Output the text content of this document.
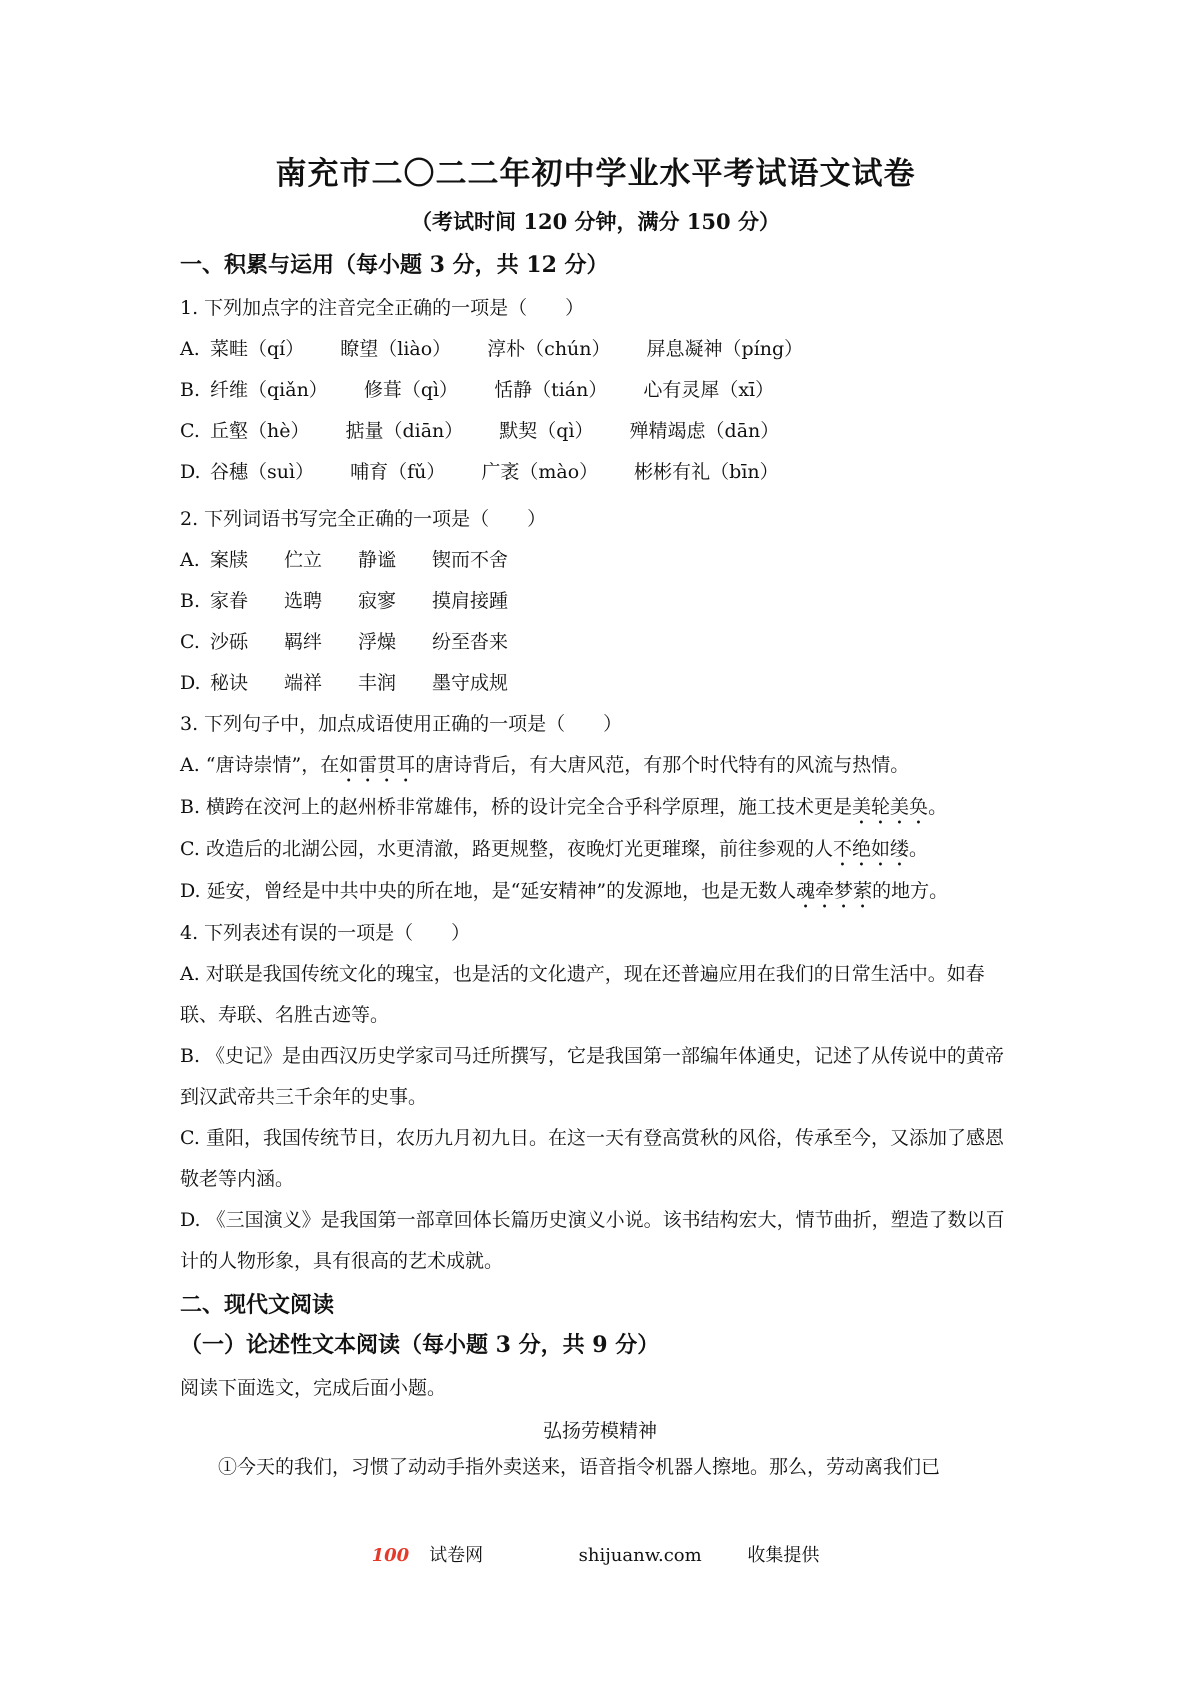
南充市二〇二二年初中学业水平考试语文试卷
（考试时间 120 分钟，满分 150 分）
一、积累与运用（每小题 3 分，共 12 分）
1. 下列加点字的注音完全正确的一项是（　　）
A. 菜畦（qí） 瞭望（liào） 淳朴（chún） 屏息凝神（píng）
B. 纤维（qiǎn） 修葺（qì） 恬静（tián） 心有灵犀（xī）
C. 丘壑（hè） 掂量（diān） 默契（qì） 殚精竭虑（dān）
D. 谷穗（suì） 哺育（fǔ） 广袤（mào） 彬彬有礼（bīn）
2. 下列词语书写完全正确的一项是（　　）
A. 案牍 伫立 静谧 锲而不舍
B. 家眷 选聘 寂寥 摸肩接踵
C. 沙砾 羁绊 浮燥 纷至沓来
D. 秘诀 端祥 丰润 墨守成规
3. 下列句子中，加点成语使用正确的一项是（　　）
A. “唐诗崇情”，在如雷贯耳的唐诗背后，有大唐风范，有那个时代特有的风流与热情。
B. 横跨在洨河上的赵州桥非常雄伟，桥的设计完全合乎科学原理，施工技术更是美轮美奂。
C. 改造后的北湖公园，水更清澈，路更规整，夜晚灯光更璀璨，前往参观的人不绝如缕。
D. 延安，曾经是中共中央的所在地，是“延安精神”的发源地，也是无数人魂牵梦萦的地方。
4. 下列表述有误的一项是（　　）
A. 对联是我国传统文化的瑰宝，也是活的文化遗产，现在还普遍应用在我们的日常生活中。如春联、寿联、名胜古迹等。
B. 《史记》是由西汉历史学家司马迁所撰写，它是我国第一部编年体通史，记述了从传说中的黄帝到汉武帝共三千余年的史事。
C. 重阳，我国传统节日，农历九月初九日。在这一天有登高赏秋的风俗，传承至今，又添加了感恩敬老等内涵。
D. 《三国演义》是我国第一部章回体长篇历史演义小说。该书结构宏大，情节曲折，塑造了数以百计的人物形象，具有很高的艺术成就。
二、现代文阅读
（一）论述性文本阅读（每小题 3 分，共 9 分）
阅读下面选文，完成后面小题。
弘扬劳模精神
①今天的我们，习惯了动动手指外卖送来，语音指令机器人擦地。那么，劳动离我们已
100 试卷网	shijuanw.com	收集提供
